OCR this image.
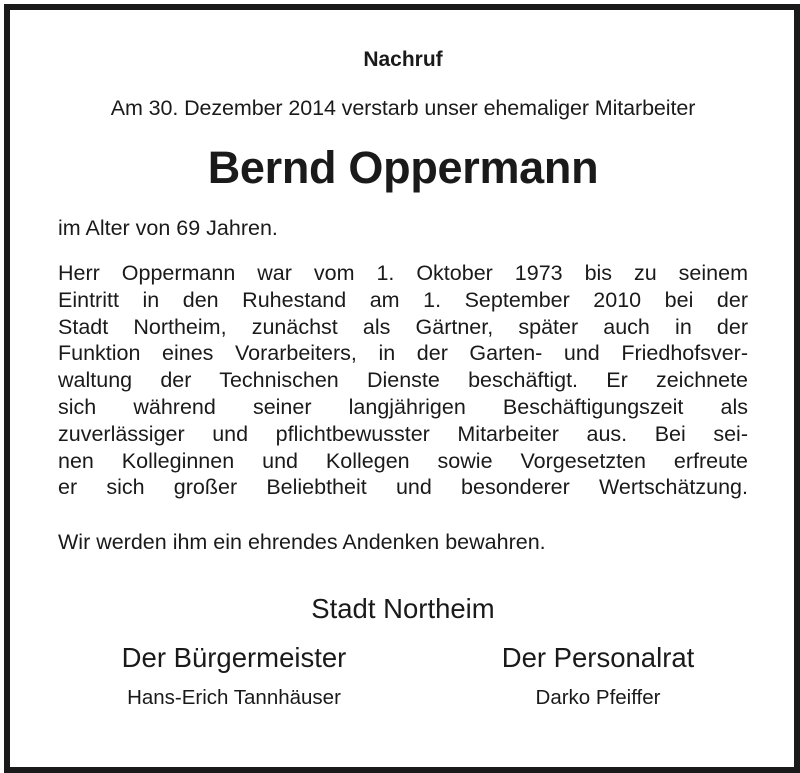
Nachruf
Am 30. Dezember 2014 verstarb unser ehemaliger Mitarbeiter
Bernd Oppermann
im Alter von 69 Jahren.
Herr Oppermann war vom 1. Oktober 1973 bis zu seinem
Eintritt in den Ruhestand am 1. September 2010 bei der
Stadt Northeim, zunächst als Gärtner, später auch in der
Funktion eines Vorarbeiters, in der Garten- und Friedhofsver-
waltung der Technischen Dienste beschäftigt. Er zeichnete
sich während seiner langjährigen Beschäftigungszeit als
zuverlässiger und pflichtbewusster Mitarbeiter aus. Bei sei-
nen Kolleginnen und Kollegen sowie Vorgesetzten erfreute
er sich großer Beliebtheit und besonderer Wertschätzung.
Wir werden ihm ein ehrendes Andenken bewahren.
Stadt Northeim
Der Bürgermeister	Der Personalrat
Hans-Erich Tannhäuser	Darko Pfeiffer
